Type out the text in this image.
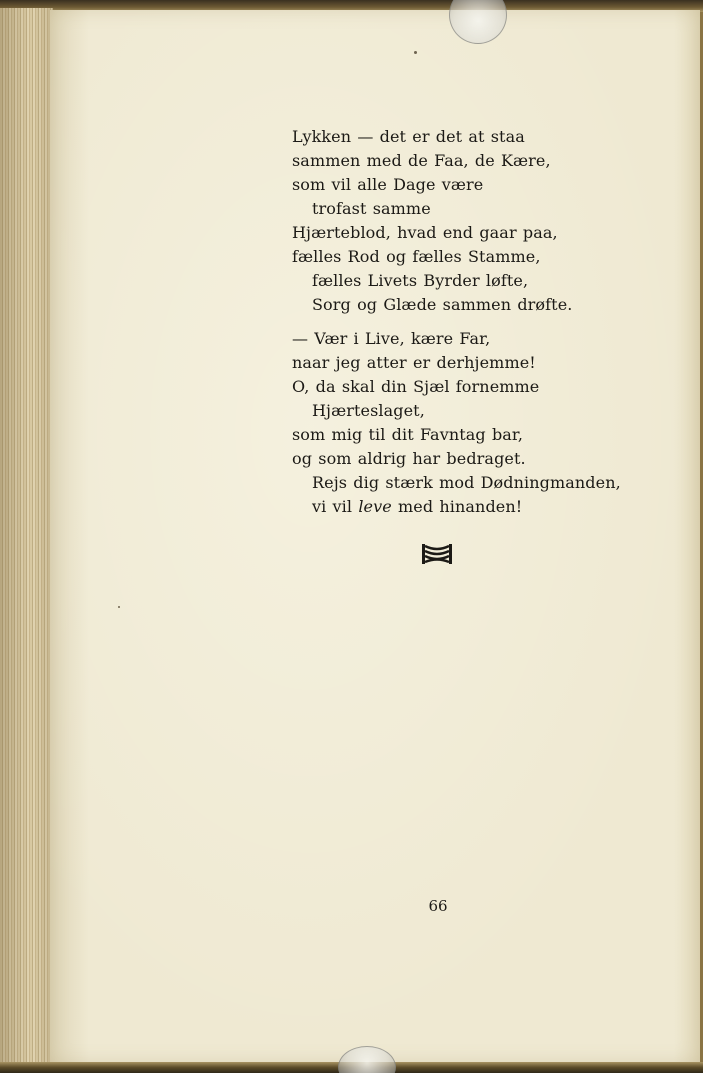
Lykken — det er det at staa
sammen med de Faa, de Kære,
som vil alle Dage være
trofast samme
Hjærteblod, hvad end gaar paa,
fælles Rod og fælles Stamme,
fælles Livets Byrder løfte,
Sorg og Glæde sammen drøfte.
— Vær i Live, kære Far,
naar jeg atter er derhjemme!
O, da skal din Sjæl fornemme
Hjærteslaget,
som mig til dit Favntag bar,
og som aldrig har bedraget.
Rejs dig stærk mod Dødningmanden,
vi vil leve med hinanden!
66
